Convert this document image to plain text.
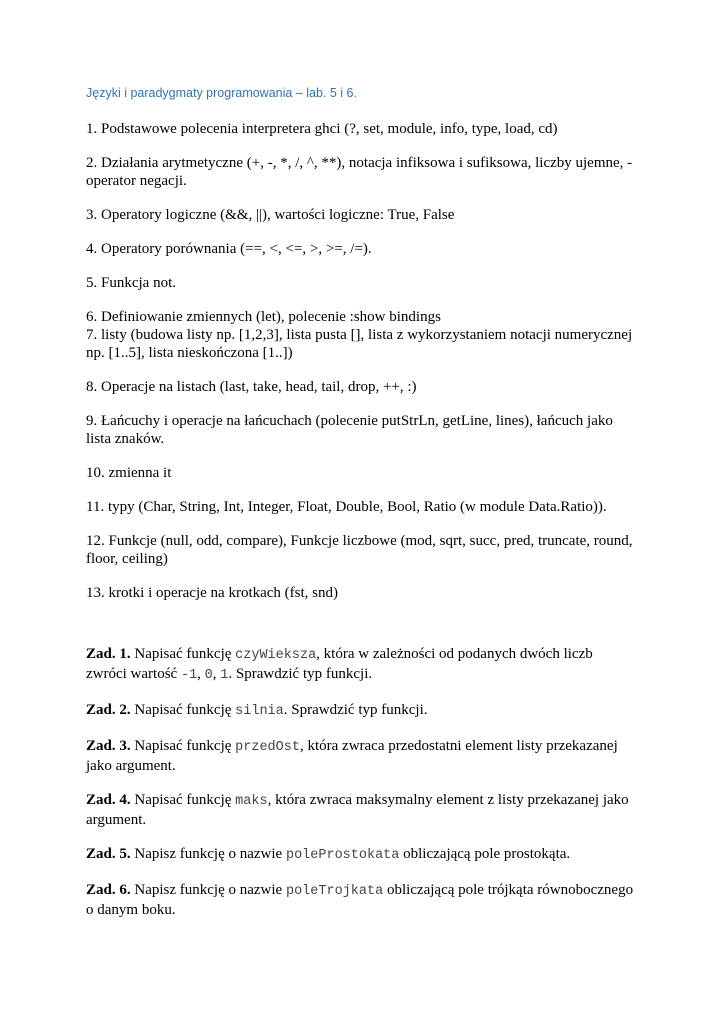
Języki i paradygmaty programowania – lab. 5 i 6.

1. Podstawowe polecenia interpretera ghci (?, set, module, info, type, load, cd)

2. Działania arytmetyczne (+, -, *, /, ^, **), notacja infiksowa i sufiksowa, liczby ujemne, - operator negacji.

3. Operatory logiczne (&&, ||), wartości logiczne: True, False

4. Operatory porównania (==, <, <=, >, >=, /=).

5. Funkcja not.

6. Definiowanie zmiennych (let), polecenie :show bindings

7. listy (budowa listy np. [1,2,3], lista pusta [], lista z wykorzystaniem notacji numerycznej np. [1..5], lista nieskończona [1..])

8. Operacje na listach (last, take, head, tail, drop, ++, :)

9. Łańcuchy i operacje na łańcuchach (polecenie putStrLn, getLine, lines), łańcuch jako lista znaków.

10. zmienna it

11. typy (Char, String, Int, Integer, Float, Double, Bool, Ratio (w module Data.Ratio)).

12. Funkcje (null, odd, compare), Funkcje liczbowe (mod, sqrt, succ, pred, truncate, round, floor, ceiling)

13. krotki i operacje na krotkach (fst, snd)

Zad. 1. Napisać funkcję czyWieksza, która w zależności od podanych dwóch liczb zwróci wartość -1, 0, 1. Sprawdzić typ funkcji.

Zad. 2. Napisać funkcję silnia. Sprawdzić typ funkcji.

Zad. 3. Napisać funkcję przedOst, która zwraca przedostatni element listy przekazanej jako argument.

Zad. 4. Napisać funkcję maks, która zwraca maksymalny element z listy przekazanej jako argument.

Zad. 5. Napisz funkcję o nazwie poleProstokata obliczającą pole prostokąta.

Zad. 6. Napisz funkcję o nazwie poleTrojkata obliczającą pole trójkąta równobocznego o danym boku.
